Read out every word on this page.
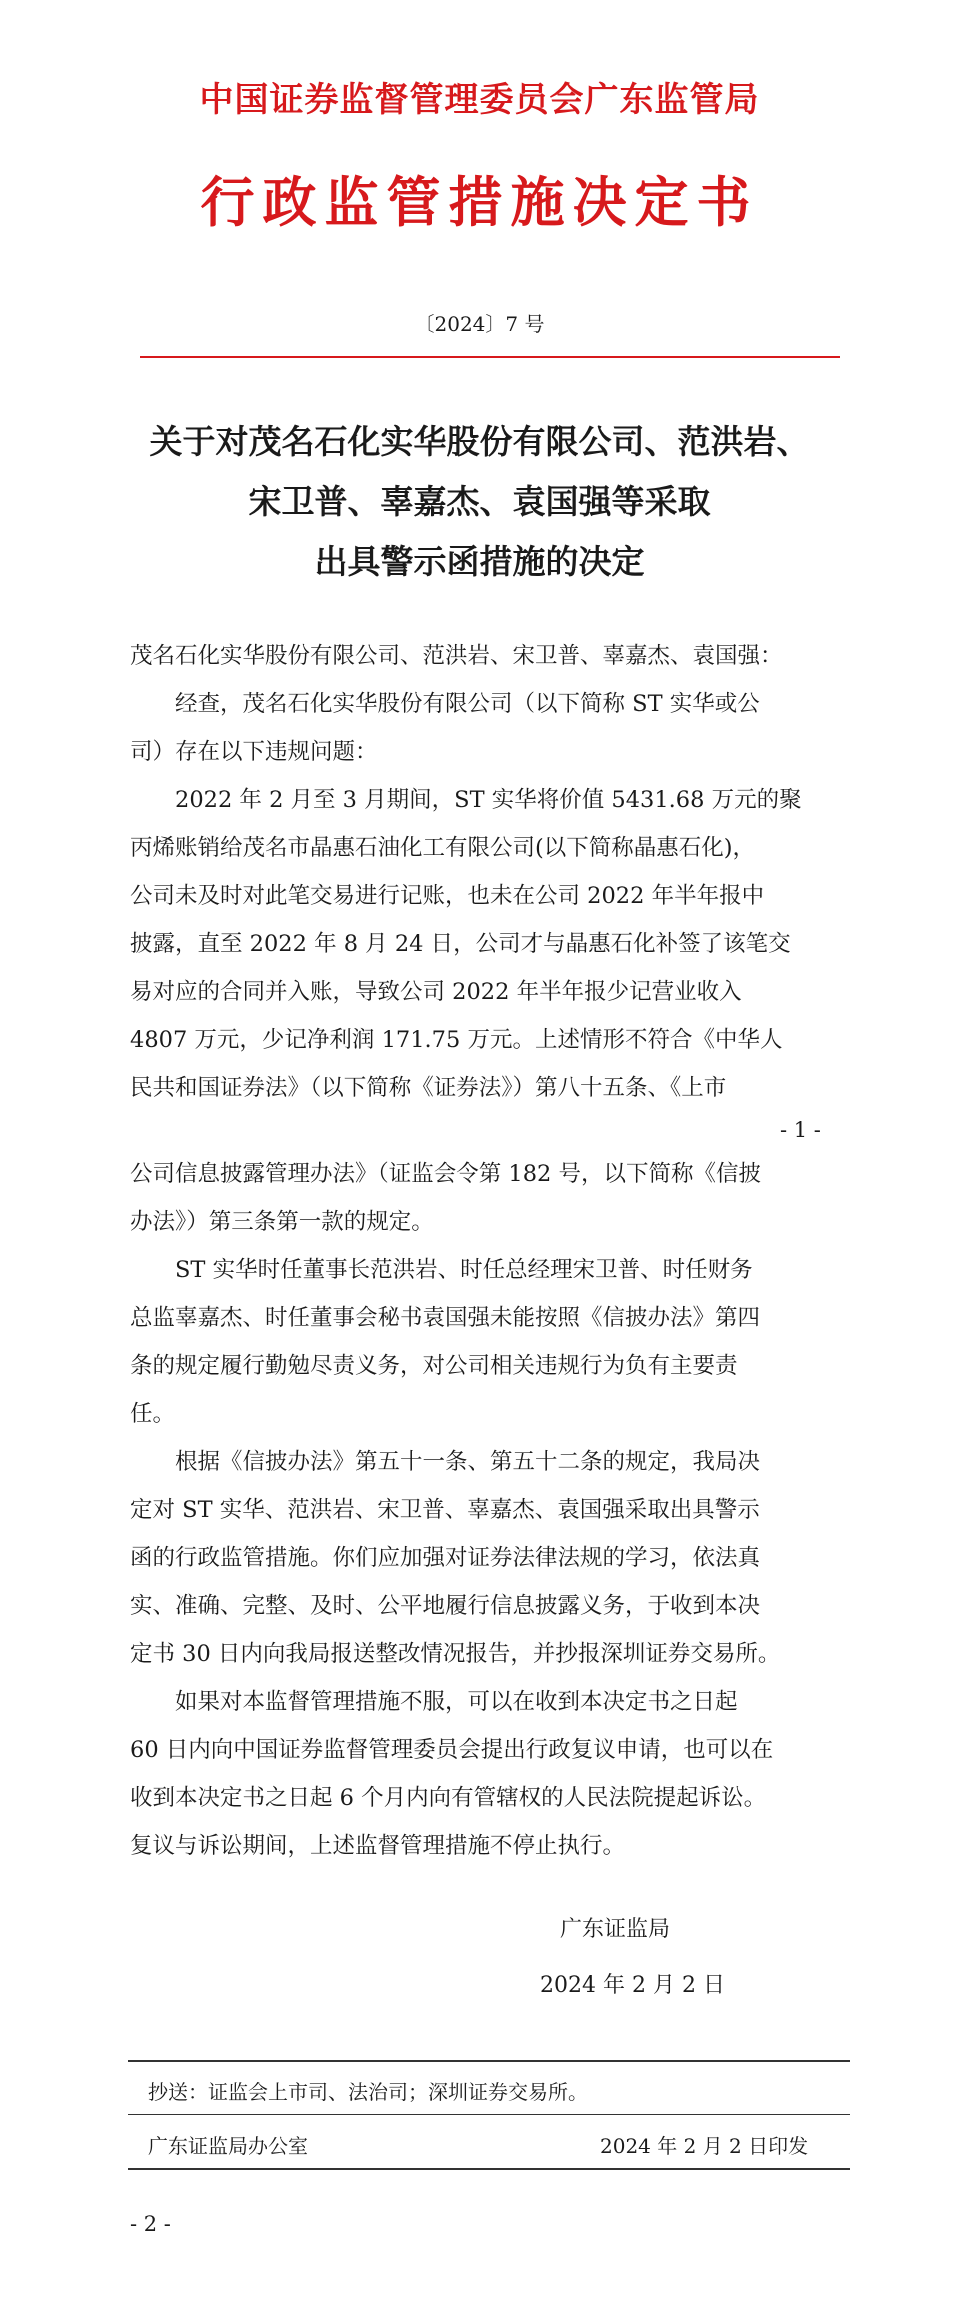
中国证券监督管理委员会广东监管局
行政监管措施决定书
〔2024〕7 号
关于对茂名石化实华股份有限公司、范洪岩、
宋卫普、辜嘉杰、袁国强等采取
出具警示函措施的决定
茂名石化实华股份有限公司、范洪岩、宋卫普、辜嘉杰、袁国强：
经查，茂名石化实华股份有限公司（以下简称 ST 实华或公
司）存在以下违规问题：
2022 年 2 月至 3 月期间，ST 实华将价值 5431.68 万元的聚
丙烯账销给茂名市晶惠石油化工有限公司(以下简称晶惠石化)，
公司未及时对此笔交易进行记账，也未在公司 2022 年半年报中
披露，直至 2022 年 8 月 24 日，公司才与晶惠石化补签了该笔交
易对应的合同并入账，导致公司 2022 年半年报少记营业收入
4807 万元，少记净利润 171.75 万元。上述情形不符合《中华人
民共和国证券法》（以下简称《证券法》）第八十五条、《上市
- 1 -
公司信息披露管理办法》（证监会令第 182 号，以下简称《信披
办法》）第三条第一款的规定。
ST 实华时任董事长范洪岩、时任总经理宋卫普、时任财务
总监辜嘉杰、时任董事会秘书袁国强未能按照《信披办法》第四
条的规定履行勤勉尽责义务，对公司相关违规行为负有主要责
任。
根据《信披办法》第五十一条、第五十二条的规定，我局决
定对 ST 实华、范洪岩、宋卫普、辜嘉杰、袁国强采取出具警示
函的行政监管措施。你们应加强对证券法律法规的学习，依法真
实、准确、完整、及时、公平地履行信息披露义务，于收到本决
定书 30 日内向我局报送整改情况报告，并抄报深圳证券交易所。
如果对本监督管理措施不服，可以在收到本决定书之日起
60 日内向中国证券监督管理委员会提出行政复议申请，也可以在
收到本决定书之日起 6 个月内向有管辖权的人民法院提起诉讼。
复议与诉讼期间，上述监督管理措施不停止执行。
广东证监局
2024 年 2 月 2 日
抄送：证监会上市司、法治司；深圳证券交易所。
广东证监局办公室	2024 年 2 月 2 日印发
- 2 -
